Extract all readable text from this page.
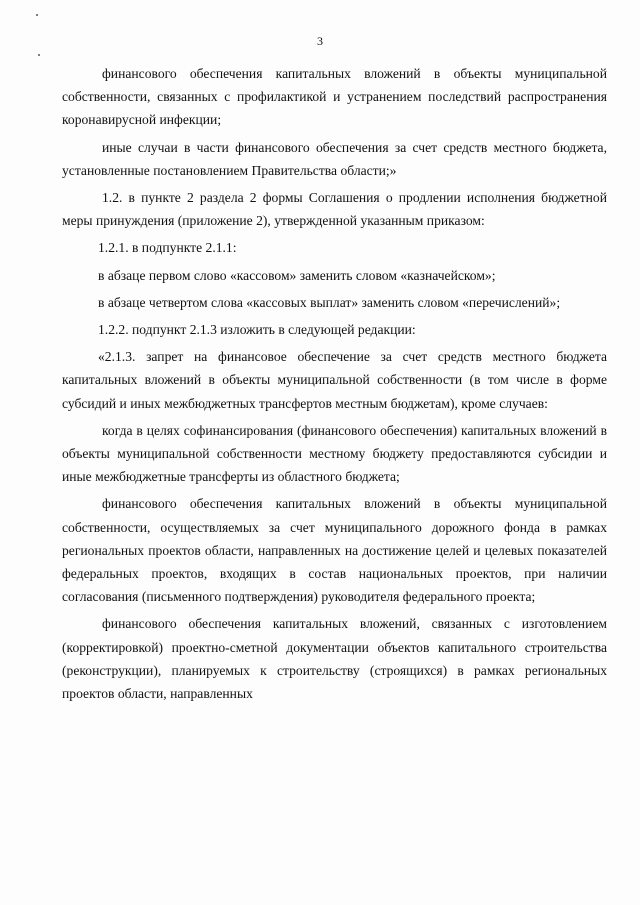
3

финансового обеспечения капитальных вложений в объекты муниципальной собственности, связанных с профилактикой и устранением последствий распространения коронавирусной инфекции;

иные случаи в части финансового обеспечения за счет средств местного бюджета, установленные постановлением Правительства области;»

1.2. в пункте 2 раздела 2 формы Соглашения о продлении исполнения бюджетной меры принуждения (приложение 2), утвержденной указанным приказом:

1.2.1. в подпункте 2.1.1:

в абзаце первом слово «кассовом» заменить словом «казначейском»;

в абзаце четвертом слова «кассовых выплат» заменить словом «перечислений»;

1.2.2. подпункт 2.1.3 изложить в следующей редакции:

«2.1.3. запрет на финансовое обеспечение за счет средств местного бюджета капитальных вложений в объекты муниципальной собственности (в том числе в форме субсидий и иных межбюджетных трансфертов местным бюджетам), кроме случаев:

когда в целях софинансирования (финансового обеспечения) капитальных вложений в объекты муниципальной собственности местному бюджету предоставляются субсидии и иные межбюджетные трансферты из областного бюджета;

финансового обеспечения капитальных вложений в объекты муниципальной собственности, осуществляемых за счет муниципального дорожного фонда в рамках региональных проектов области, направленных на достижение целей и целевых показателей федеральных проектов, входящих в состав национальных проектов, при наличии согласования (письменного подтверждения) руководителя федерального проекта;

финансового обеспечения капитальных вложений, связанных с изготовлением (корректировкой) проектно-сметной документации объектов капитального строительства (реконструкции), планируемых к строительству (строящихся) в рамках региональных проектов области, направленных
